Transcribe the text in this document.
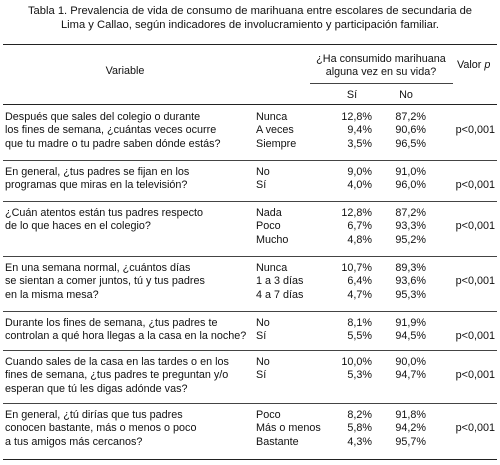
Tabla 1. Prevalencia de vida de consumo de marihuana entre escolares de secundaria de
Lima y Callao, según indicadores de involucramiento y participación familiar.
Variable
¿Ha consumido marihuana
alguna vez en su vida?
Valor p
Sí	No
Después que sales del colegio o durante
los fines de semana, ¿cuántas veces ocurre
que tu madre o tu padre saben dónde estás?
Nunca	12,8%	87,2%
A veces	9,4%	90,6%
Siempre	3,5%	96,5%
p<0,001
En general, ¿tus padres se fijan en los
programas que miras en la televisión?
No	9,0%	91,0%
Sí	4,0%	96,0%	p<0,001
¿Cuán atentos están tus padres respecto
de lo que haces en el colegio?
Nada	12,8%	87,2%
Poco	6,7%	93,3%
Mucho	4,8%	95,2%
p<0,001
En una semana normal, ¿cuántos días
se sientan a comer juntos, tú y tus padres
en la misma mesa?
Nunca	10,7%	89,3%
1 a 3 días	6,4%	93,6%
4 a 7 días	4,7%	95,3%
p<0,001
Durante los fines de semana, ¿tus padres te
controlan a qué hora llegas a la casa en la noche?
No	8,1%	91,9%
Sí	5,5%	94,5%	p<0,001
Cuando sales de la casa en las tardes o en los
fines de semana, ¿tus padres te preguntan y/o
esperan que tú les digas adónde vas?
No	10,0%	90,0%
Sí	5,3%	94,7%	p<0,001
En general, ¿tú dirías que tus padres
conocen bastante, más o menos o poco
a tus amigos más cercanos?
Poco	8,2%	91,8%
Más o menos	5,8%	94,2%
Bastante	4,3%	95,7%
p<0,001
